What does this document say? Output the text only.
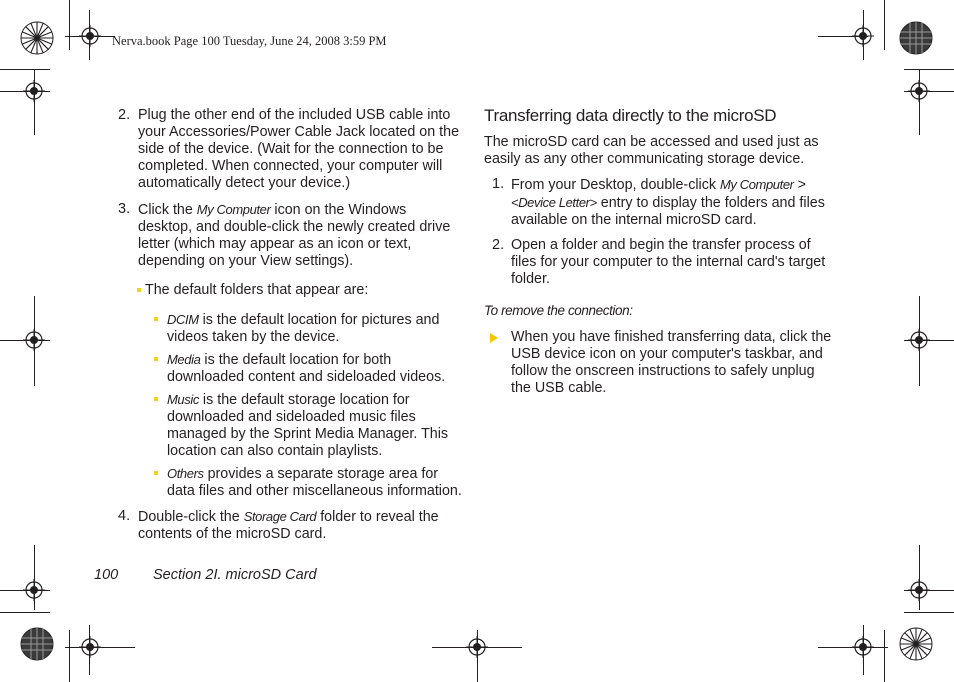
Nerva.book Page 100 Tuesday, June 24, 2008 3:59 PM
2. Plug the other end of the included USB cable into your Accessories/Power Cable Jack located on the side of the device. (Wait for the connection to be completed. When connected, your computer will automatically detect your device.)
3. Click the My Computer icon on the Windows desktop, and double-click the newly created drive letter (which may appear as an icon or text, depending on your View settings).
The default folders that appear are:
DCIM is the default location for pictures and videos taken by the device.
Media is the default location for both downloaded content and sideloaded videos.
Music is the default storage location for downloaded and sideloaded music files managed by the Sprint Media Manager. This location can also contain playlists.
Others provides a separate storage area for data files and other miscellaneous information.
4. Double-click the Storage Card folder to reveal the contents of the microSD card.
Transferring data directly to the microSD
The microSD card can be accessed and used just as easily as any other communicating storage device.
1. From your Desktop, double-click My Computer > <Device Letter> entry to display the folders and files available on the internal microSD card.
2. Open a folder and begin the transfer process of files for your computer to the internal card's target folder.
To remove the connection:
When you have finished transferring data, click the USB device icon on your computer's taskbar, and follow the onscreen instructions to safely unplug the USB cable.
100 Section 2I. microSD Card
